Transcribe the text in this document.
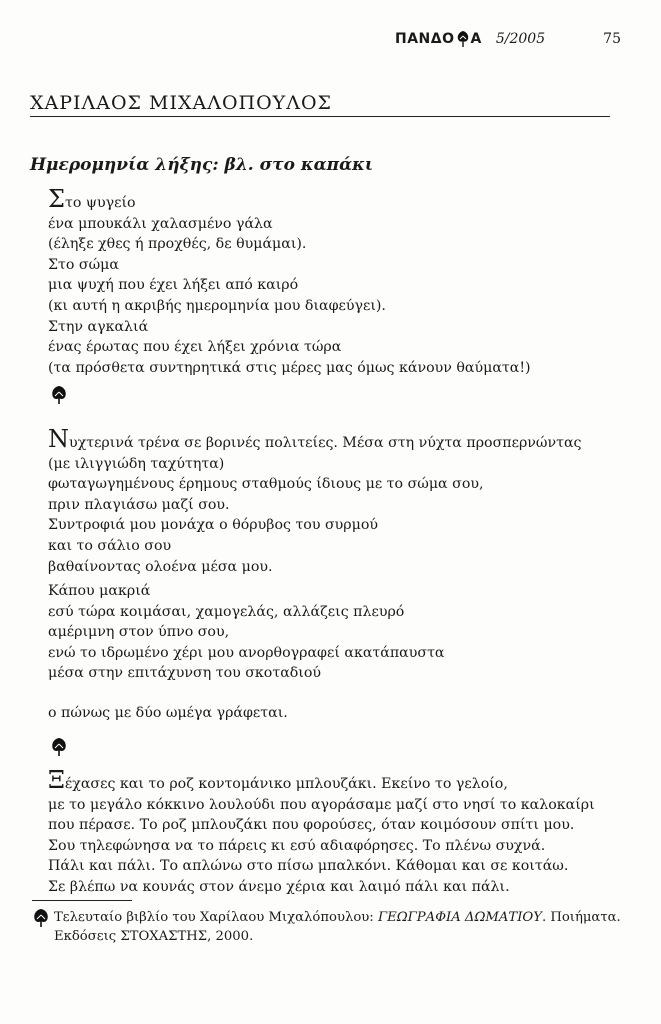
ΠΑΝΔΟ Α 5/2005	75
ΧΑΡΙΛΑΟΣ ΜΙΧΑΛΟΠΟΥΛΟΣ
Ημερομηνία λήξης: βλ. στο καπάκι
Στο ψυγείο
ένα μπουκάλι χαλασμένο γάλα
(έληξε χθες ή προχθές, δε θυμάμαι).
Στο σώμα
μια ψυχή που έχει λήξει από καιρό
(κι αυτή η ακριβής ημερομηνία μου διαφεύγει).
Στην αγκαλιά
ένας έρωτας που έχει λήξει χρόνια τώρα
(τα πρόσθετα συντηρητικά στις μέρες μας όμως κάνουν θαύματα!)
Νυχτερινά τρένα σε βορινές πολιτείες. Μέσα στη νύχτα προσπερνώντας
(με ιλιγγιώδη ταχύτητα)
φωταγωγημένους έρημους σταθμούς ίδιους με το σώμα σου,
πριν πλαγιάσω μαζί σου.
Συντροφιά μου μονάχα ο θόρυβος του συρμού
και το σάλιο σου
βαθαίνοντας ολοένα μέσα μου.
Κάπου μακριά
εσύ τώρα κοιμάσαι, χαμογελάς, αλλάζεις πλευρό
αμέριμνη στον ύπνο σου,
ενώ το ιδρωμένο χέρι μου ανορθογραφεί ακατάπαυστα
μέσα στην επιτάχυνση του σκοταδιού
ο πώνως με δύο ωμέγα γράφεται.
Ξέχασες και το ροζ κοντομάνικο μπλουζάκι. Εκείνο το γελοίο,
με το μεγάλο κόκκινο λουλούδι που αγοράσαμε μαζί στο νησί το καλοκαίρι
που πέρασε. Το ροζ μπλουζάκι που φορούσες, όταν κοιμόσουν σπίτι μου.
Σου τηλεφώνησα να το πάρεις κι εσύ αδιαφόρησες. Το πλένω συχνά.
Πάλι και πάλι. Το απλώνω στο πίσω μπαλκόνι. Κάθομαι και σε κοιτάω.
Σε βλέπω να κουνάς στον άνεμο χέρια και λαιμό πάλι και πάλι.
Τελευταίο βιβλίο του Χαρίλαου Μιχαλόπουλου: ΓΕΩΓΡΑΦΙΑ ΔΩΜΑΤΙΟΥ. Ποιήματα.
Εκδόσεις ΣΤΟΧΑΣΤΗΣ, 2000.
